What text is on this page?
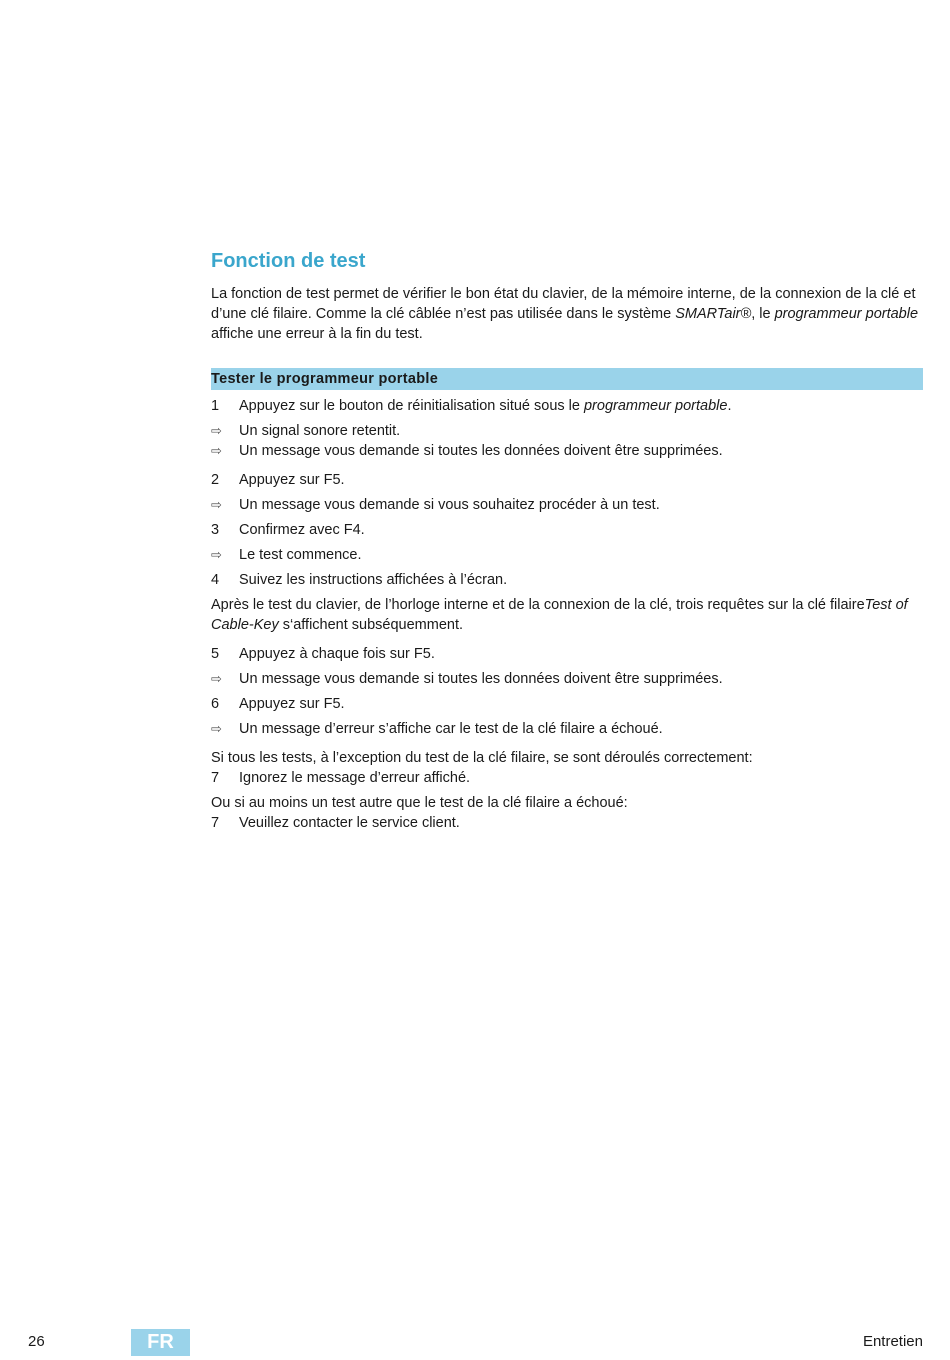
Fonction de test

La fonction de test permet de vérifier le bon état du clavier, de la mémoire interne, de la connexion de la clé et d’une clé filaire. Comme la clé câblée n’est pas utilisée dans le système SMARTair®, le programmeur portable affiche une erreur à la fin du test.

Tester le programmeur portable
1	Appuyez sur le bouton de réinitialisation situé sous le programmeur portable.
⇨	Un signal sonore retentit.
⇨	Un message vous demande si toutes les données doivent être supprimées.
2	Appuyez sur F5.
⇨	Un message vous demande si vous souhaitez procéder à un test.
3	Confirmez avec F4.
⇨	Le test commence.
4	Suivez les instructions affichées à l’écran.

Après le test du clavier, de l’horloge interne et de la connexion de la clé, trois requêtes sur la clé filaireTest of Cable-Key s‘affichent subséquemment.

5	Appuyez à chaque fois sur F5.
⇨	Un message vous demande si toutes les données doivent être supprimées.
6	Appuyez sur F5.
⇨	Un message d’erreur s’affiche car le test de la clé filaire a échoué.

Si tous les tests, à l’exception du test de la clé filaire, se sont déroulés correctement:

7	Ignorez le message d’erreur affiché.

Ou si au moins un test autre que le test de la clé filaire a échoué:

7	Veuillez contacter le service client.
26	FR	Entretien
